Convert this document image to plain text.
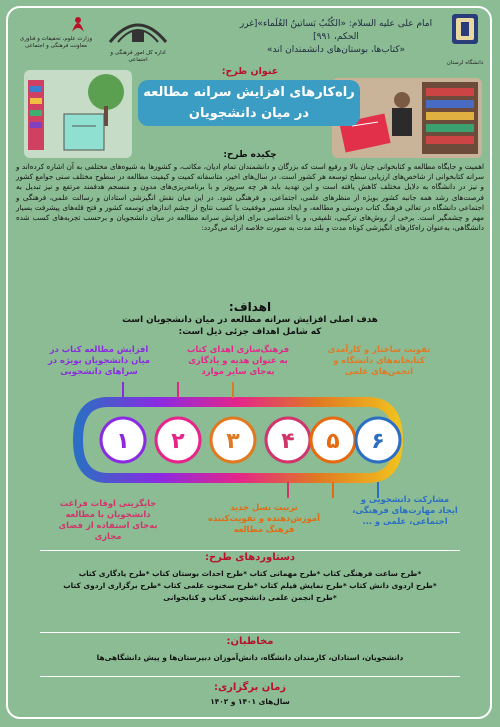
دانشگاه لرستان
امام علی علیه السلام: «الکُتُبُ بَساتینُ العُلَماء»[غرر الحکم، ۹۹۱]
«کتاب‌ها، بوستان‌های دانشمندان اند»
اداره کل امور فرهنگی و اجتماعی
وزارت علوم، تحقیقات و فناوری
معاونت فرهنگی و اجتماعی
عنوان طرح:
راه‌کارهای افزایش سرانه مطالعه
در میان دانشجویان
چکیده طرح:
اهمیت و جایگاه مطالعه و کتابخوانی چنان بالا و رفیع است که بزرگان و دانشمندان تمام ادیان، مکاتب، و کشورها به شیوه‌های مختلفی به آن اشاره کرده‌اند و سرانه کتابخوانی از شاخص‌های ارزیابی سطح توسعه هر کشور است. در سال‌های اخیر، متاسفانه کمیت و کیفیت مطالعه در سطوح مختلف سنی جوامع کشور و نیز در دانشگاه به دلایل مختلف کاهش یافته است و این تهدید باید هر چه سریع‌تر و با برنامه‌ریزی‌های مدون و منسجم هدفمند مرتفع و نیز تبدیل به فرصت‌های رشد همه جانبه کشور بویژه از منظرهای علمی، اجتماعی، و فرهنگی شود. در این میان نقش انگیزشی استادان و رسالت علمی، فرهنگی و اجتماعی دانشگاه در تعالی فرهنگ کتاب دوستی و مطالعه، و ایجاد مسیر موفقیت با کسب نتایج از چشم اندازهای توسعه کشور و فتح قله‌های پیشرفت بسیار مهم و چشمگیر است. برخی از روش‌های ترکیبی، تلفیقی، و یا اختصاصی برای افزایش سرانه مطالعه در میان دانشجویان و برحسب تجربه‌های کسب شده دانشگاهی، به‌عنوان راه‌کارهای انگیزشی کوتاه مدت و بلند مدت به صورت خلاصه ارائه می‌گردد:
اهداف:
هدف اصلی افزایش سرانه مطالعه در میان دانشجویان است
که شامل اهداف جزئی ذیل است:
افزایش مطالعه کتاب در میان دانشجویان بویژه در سراهای دانشجویی
فرهنگ‌سازی اهدای کتاب به عنوان هدیه و یادگاری به‌جای سایر موارد
تقویت ساختار و کارآمدی کتابخانه‌های دانشگاه و انجمن‌های علمی
جایگزینی اوقات فراغت دانشجویان با مطالعه به‌جای استفاده از فضای مجازی
تربیت نسل جدید آموزش‌دهنده و تقویت‌کننده فرهنگ مطالعه
مشارکت دانشجویی و ایجاد مهارت‌های فرهنگی، اجتماعی، علمی و ...
۱ ۲ ۳ ۴ ۵ ۶
دستاوردهای طرح:
*طرح ساعت فرهنگی کتاب *طرح مهمانی کتاب *طرح احداث بوستان کتاب *طرح یادگاری کتاب
*طرح اردوی دانش کتاب *طرح نمایش فیلم کتاب *طرح سخنوت علمی کتاب *طرح برگزاری اردوی کتاب
*طرح انجمن علمی دانشجویی کتاب و کتابخوانی
مخاطبان:
دانشجویان، استادان، کارمندان دانشگاه، دانش‌آموزان دبیرستان‌ها و پیش دانشگاهی‌ها
زمان برگزاری:
سال‌های ۱۴۰۱ و ۱۴۰۲
